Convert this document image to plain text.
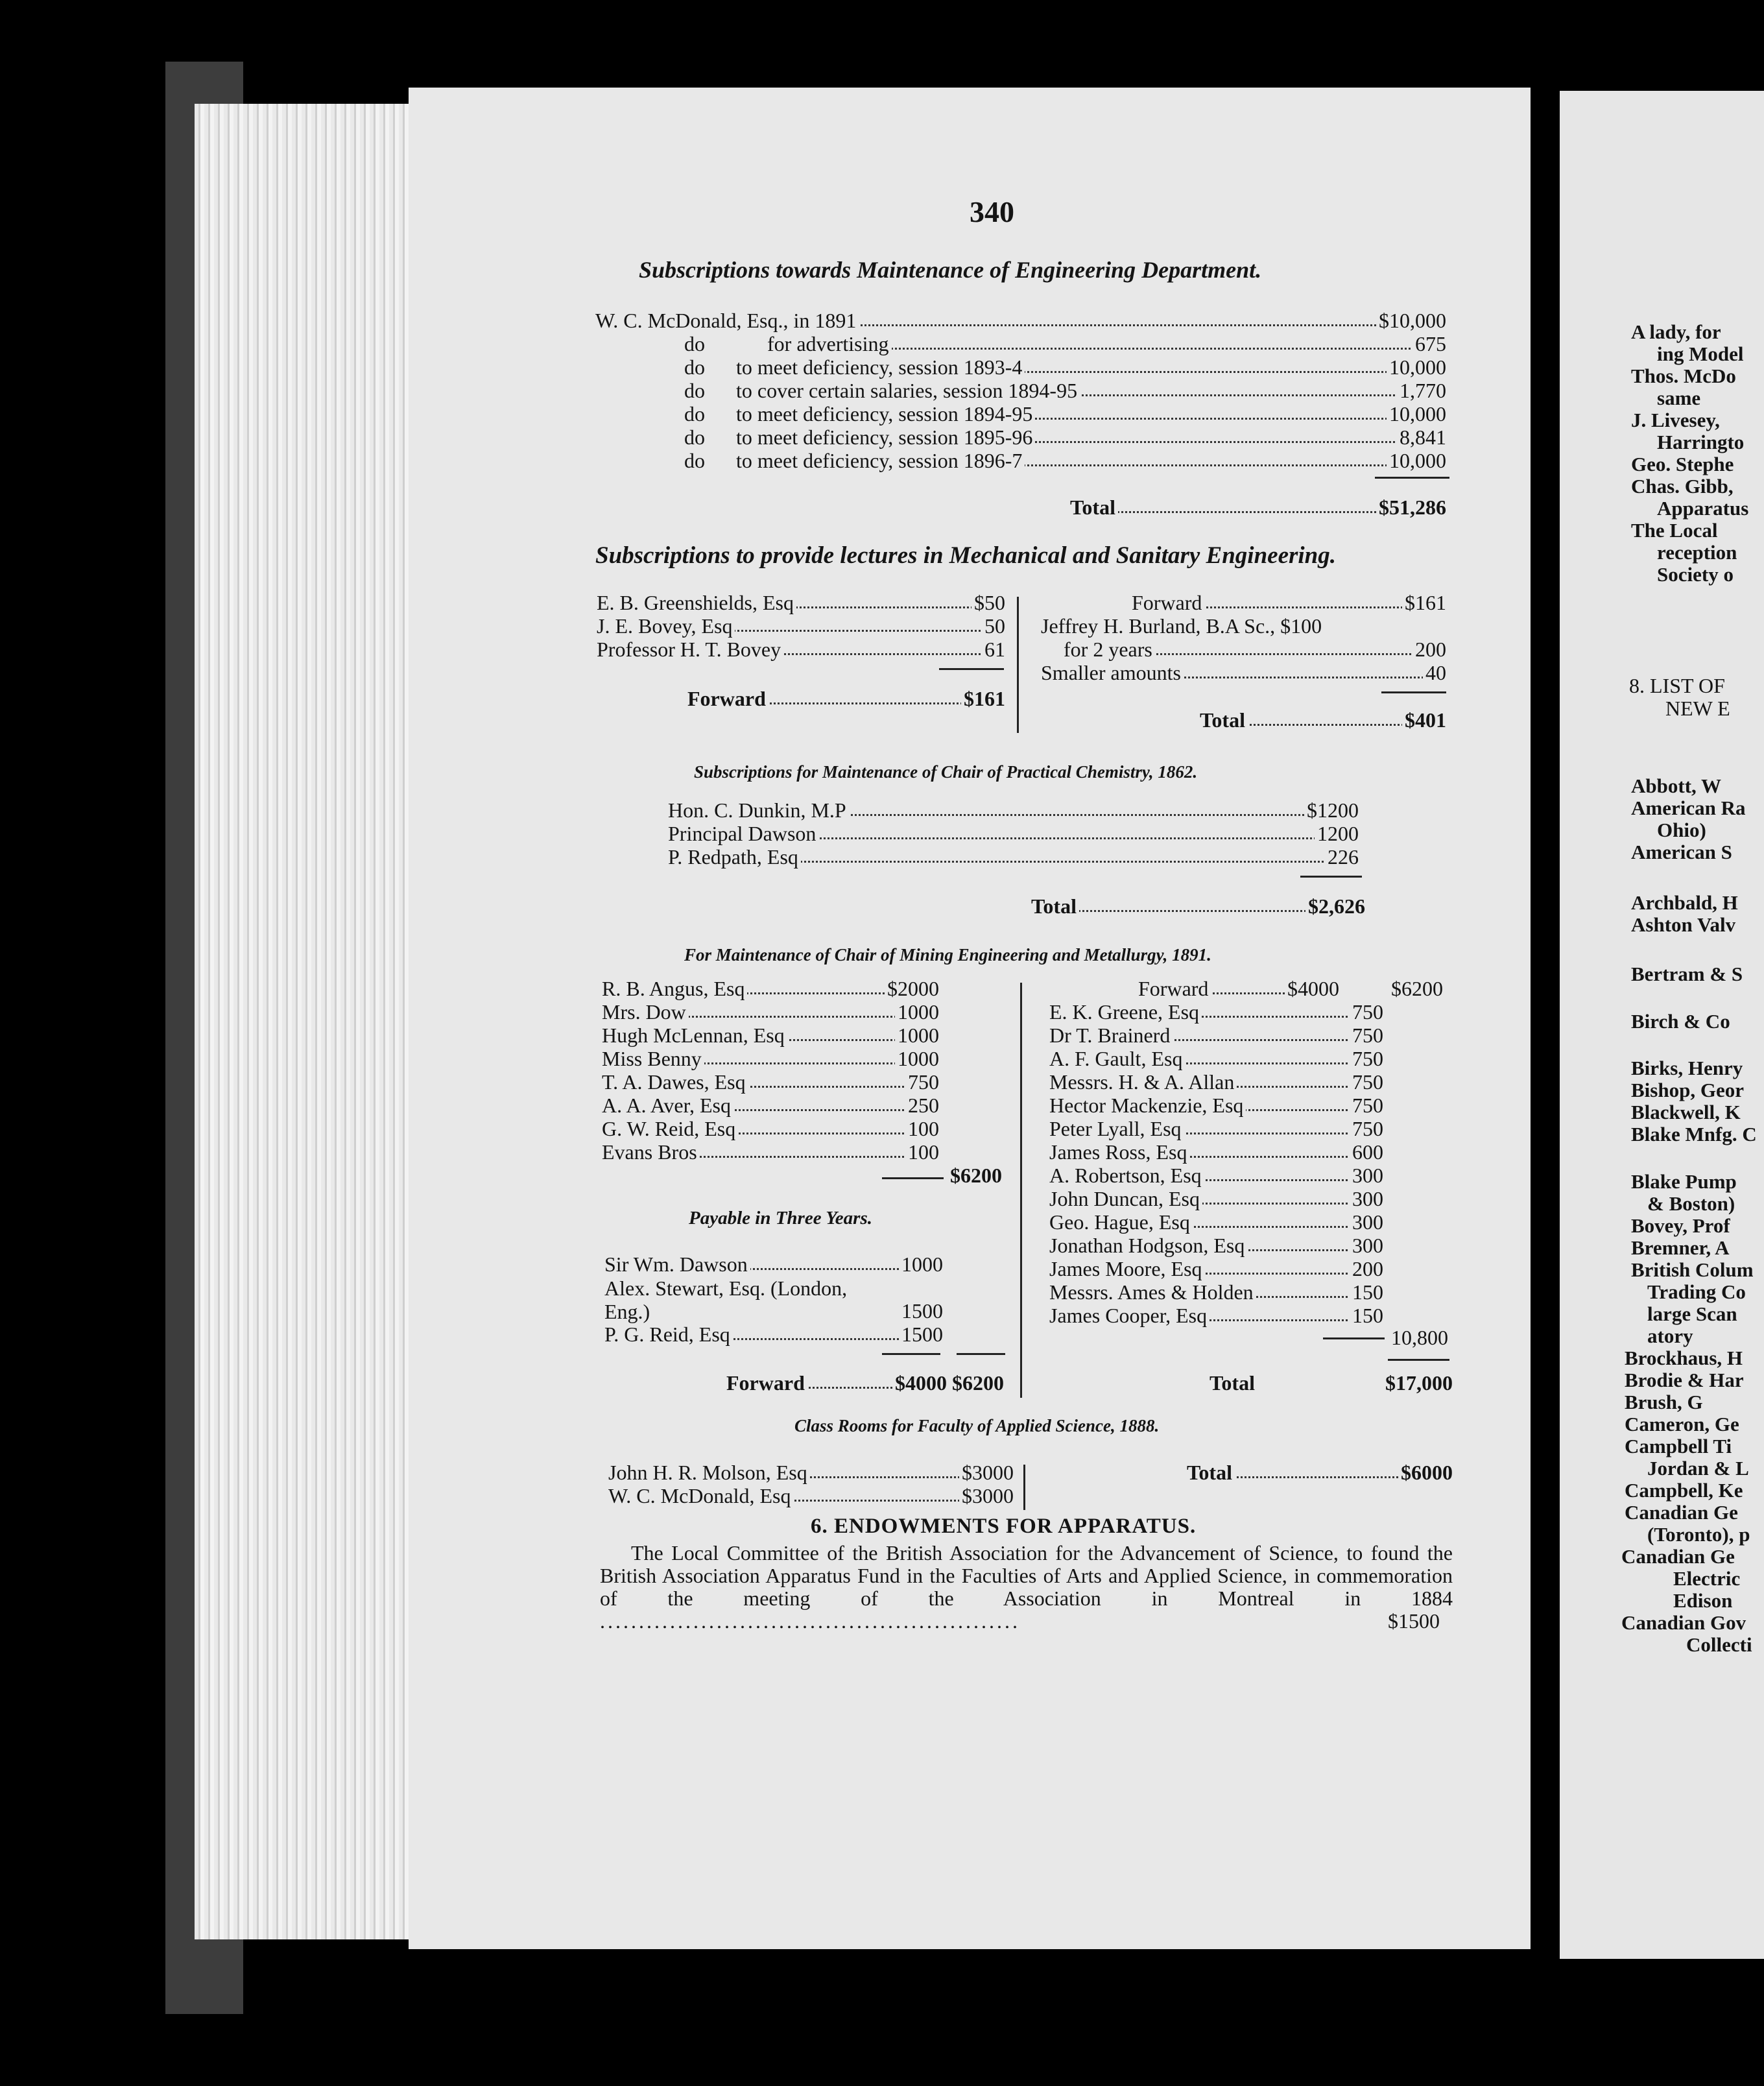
340
Subscriptions towards Maintenance of Engineering Department.
W. C. McDonald, Esq., in 1891	$10,000
do            for advertising	675
do      to meet deficiency, session 1893-4	10,000
do      to cover certain salaries, session 1894-95	1,770
do      to meet deficiency, session 1894-95	10,000
do      to meet deficiency, session 1895-96	8,841
do      to meet deficiency, session 1896-7	10,000
Total	$51,286
Subscriptions to provide lectures in Mechanical and Sanitary Engineering.
E. B. Greenshields, Esq	$50
J. E. Bovey, Esq	50
Professor H. T. Bovey	61
Forward	$161
Forward	$161
Jeffrey H. Burland, B.A Sc., $100
for 2 years	200
Smaller amounts	40
Total	$401
Subscriptions for Maintenance of Chair of Practical Chemistry, 1862.
Hon. C. Dunkin, M.P	$1200
Principal Dawson	1200
P. Redpath, Esq	226
Total	$2,626
For Maintenance of Chair of Mining Engineering and Metallurgy, 1891.
R. B. Angus, Esq	$2000
Mrs. Dow	1000
Hugh McLennan, Esq	1000
Miss Benny	1000
T. A. Dawes, Esq	750
A. A. Aver, Esq	250
G. W. Reid, Esq	100
Evans Bros	100
$6200
Payable in Three Years.
Sir Wm. Dawson	1000
Alex. Stewart, Esq. (London, Eng.)	1500
P. G. Reid, Esq	1500
Forward	$4000 $6200
Forward	$4000	$6200
E. K. Greene, Esq	750
Dr T. Brainerd	750
A. F. Gault, Esq	750
Messrs. H. & A. Allan	750
Hector Mackenzie, Esq	750
Peter Lyall, Esq	750
James Ross, Esq	600
A. Robertson, Esq	300
John Duncan, Esq	300
Geo. Hague, Esq	300
Jonathan Hodgson, Esq	300
James Moore, Esq	200
Messrs. Ames & Holden	150
James Cooper, Esq	150
10,800
Total	$17,000
Class Rooms for Faculty of Applied Science, 1888.
John H. R. Molson, Esq	$3000
W. C. McDonald, Esq	$3000
Total	$6000
6. ENDOWMENTS FOR APPARATUS.
The Local Committee of the British Association for the Advancement of Science, to found the British Association Apparatus Fund in the Faculties of Arts and Applied Science, in commemoration of the meeting of the Association in Montreal in 1884 ......................................................	$1500
A lady, for
ing Model
Thos. McDo
same
J. Livesey,
Harringto
Geo. Stephe
Chas. Gibb,
Apparatus
The Local
reception
Society o
8. LIST OF
NEW E
Abbott, W
American Ra
Ohio)
American S
Archbald, H
Ashton Valv
Bertram & S
Birch & Co
Birks, Henry
Bishop, Geor
Blackwell, K
Blake Mnfg. C
Blake Pump
& Boston)
Bovey, Prof
Bremner, A
British Colum
Trading Co
large Scan
atory
Brockhaus, H
Brodie & Har
Brush, G
Cameron, Ge
Campbell Ti
Jordan & L
Campbell, Ke
Canadian Ge
(Toronto), p
Canadian Ge
Electric
Edison
Canadian Gov
Collecti
